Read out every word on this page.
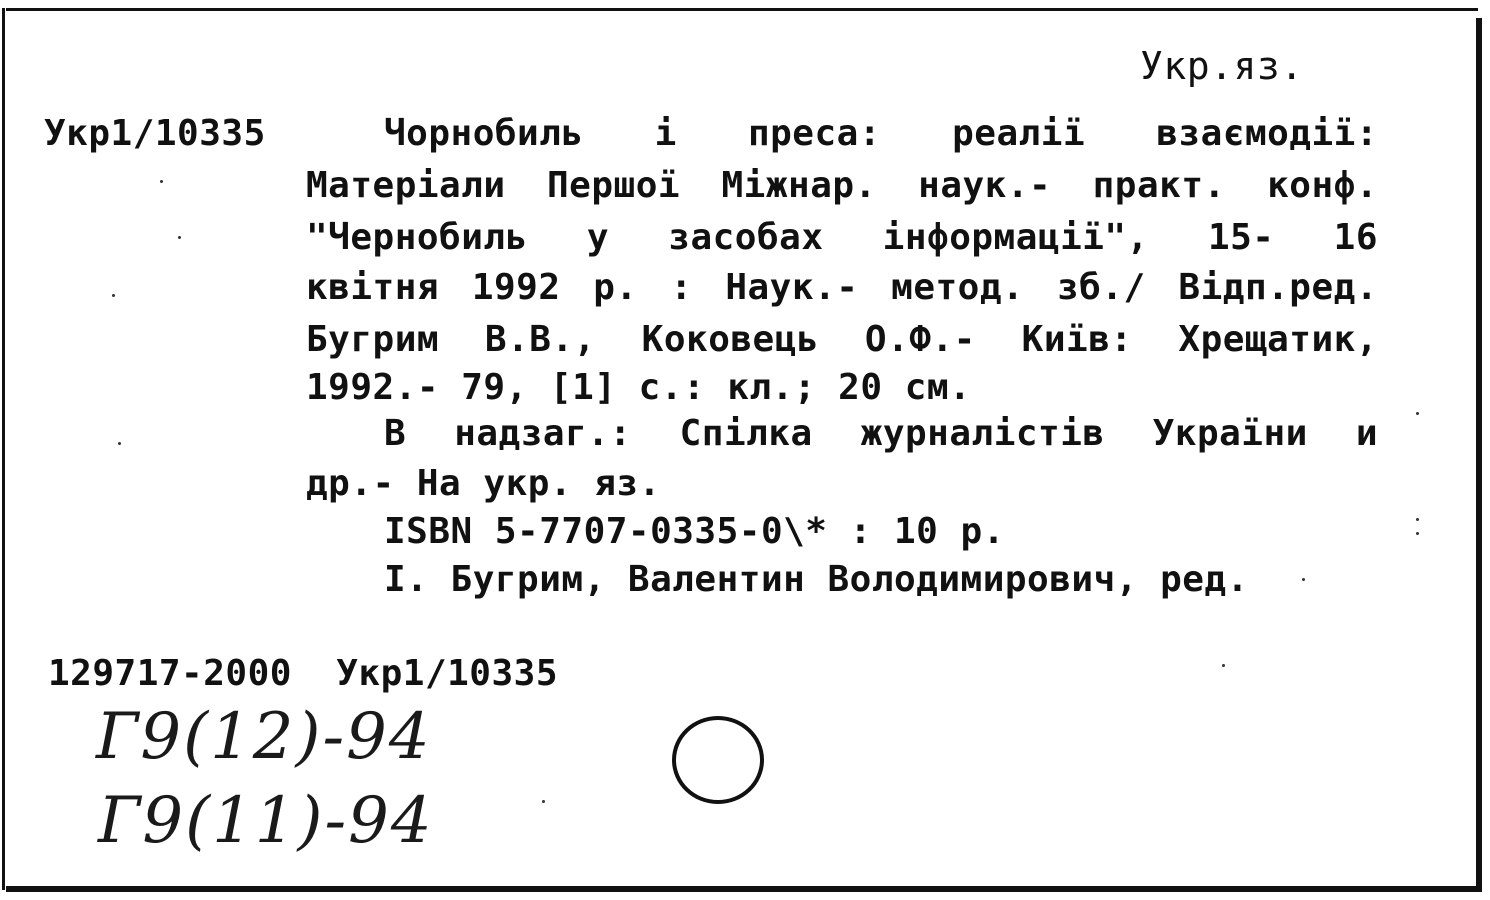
Укр.яз.
Укр1/10335	Чорнобиль і преса: реалії взаємодії:
Матеріали Першої Міжнар. наук.- практ. конф.
"Чернобиль у засобах інформації", 15- 16
квітня 1992 р. : Наук.- метод. зб./ Відп.ред.
Бугрим В.В., Коковець О.Ф.- Київ: Хрещатик,
1992.- 79, [1] с.: кл.; 20 см.
В надзаг.: Спілка журналістів України и
др.- На укр. яз.
ISBN 5-7707-0335-0\* : 10 р.
I. Бугрим, Валентин Володимирович, ред.
129717-2000  Укр1/10335
Г9(12)-94
Г9(11)-94
